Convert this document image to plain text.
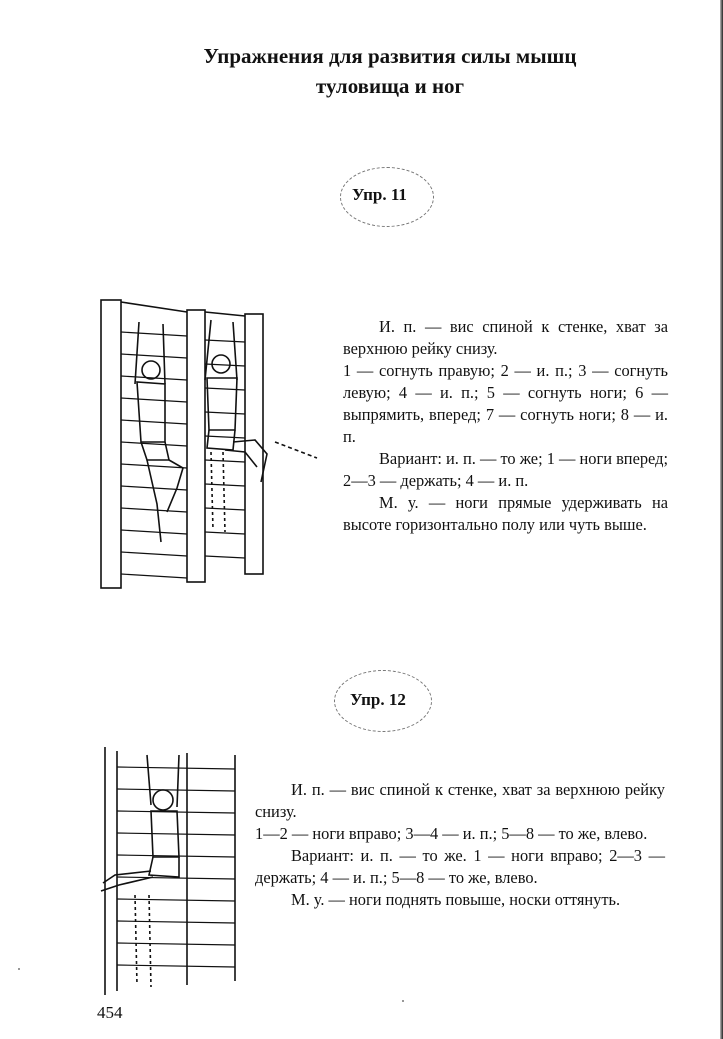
Упражнения для развития силы мышц
туловища и ног
Упр. 11

И. п. — вис спиной к стенке, хват за верхнюю рейку снизу.

1 — согнуть правую; 2 — и. п.; 3 — согнуть левую; 4 — и. п.; 5 — согнуть ноги; 6 — выпрямить, вперед; 7 — согнуть ноги; 8 — и. п.

Вариант: и. п. — то же; 1 — ноги вперед; 2—3 — держать; 4 — и. п.

М. у. — ноги прямые удерживать на высоте горизонтально полу или чуть выше.

Упр. 12

И. п. — вис спиной к стенке, хват за верхнюю рейку снизу.

1—2 — ноги вправо; 3—4 — и. п.; 5—8 — то же, влево.

Вариант: и. п. — то же. 1 — ноги вправо; 2—3 — держать; 4 — и. п.; 5—8 — то же, влево.

М. у. — ноги поднять повыше, носки оттянуть.

454
